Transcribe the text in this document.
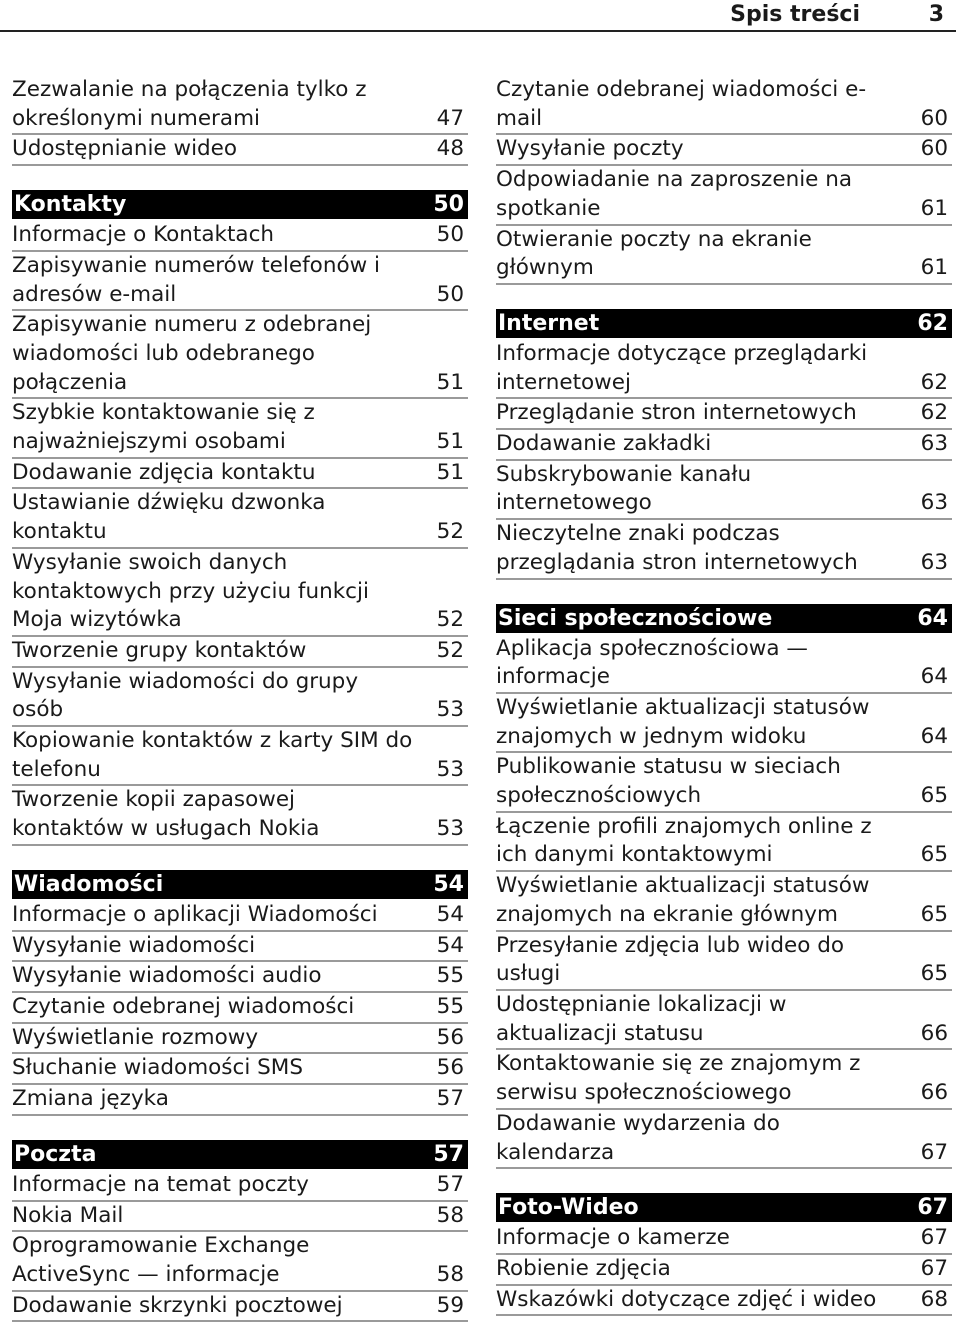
Spis treści	3
Zezwalanie na połączenia tylko z
określonymi numerami	47
Udostępnianie wideo	48
Kontakty	50
Informacje o Kontaktach	50
Zapisywanie numerów telefonów i
adresów e-mail	50
Zapisywanie numeru z odebranej
wiadomości lub odebranego
połączenia	51
Szybkie kontaktowanie się z
najważniejszymi osobami	51
Dodawanie zdjęcia kontaktu	51
Ustawianie dźwięku dzwonka
kontaktu	52
Wysyłanie swoich danych
kontaktowych przy użyciu funkcji
Moja wizytówka	52
Tworzenie grupy kontaktów	52
Wysyłanie wiadomości do grupy
osób	53
Kopiowanie kontaktów z karty SIM do
telefonu	53
Tworzenie kopii zapasowej
kontaktów w usługach Nokia	53
Wiadomości	54
Informacje o aplikacji Wiadomości	54
Wysyłanie wiadomości	54
Wysyłanie wiadomości audio	55
Czytanie odebranej wiadomości	55
Wyświetlanie rozmowy	56
Słuchanie wiadomości SMS	56
Zmiana języka	57
Poczta	57
Informacje na temat poczty	57
Nokia Mail	58
Oprogramowanie Exchange
ActiveSync — informacje	58
Dodawanie skrzynki pocztowej	59
Czytanie odebranej wiadomości e-
mail	60
Wysyłanie poczty	60
Odpowiadanie na zaproszenie na
spotkanie	61
Otwieranie poczty na ekranie
głównym	61
Internet	62
Informacje dotyczące przeglądarki
internetowej	62
Przeglądanie stron internetowych	62
Dodawanie zakładki	63
Subskrybowanie kanału
internetowego	63
Nieczytelne znaki podczas
przeglądania stron internetowych	63
Sieci społecznościowe	64
Aplikacja społecznościowa —
informacje	64
Wyświetlanie aktualizacji statusów
znajomych w jednym widoku	64
Publikowanie statusu w sieciach
społecznościowych	65
Łączenie profili znajomych online z
ich danymi kontaktowymi	65
Wyświetlanie aktualizacji statusów
znajomych na ekranie głównym	65
Przesyłanie zdjęcia lub wideo do
usługi	65
Udostępnianie lokalizacji w
aktualizacji statusu	66
Kontaktowanie się ze znajomym z
serwisu społecznościowego	66
Dodawanie wydarzenia do
kalendarza	67
Foto-Wideo	67
Informacje o kamerze	67
Robienie zdjęcia	67
Wskazówki dotyczące zdjęć i wideo	68
